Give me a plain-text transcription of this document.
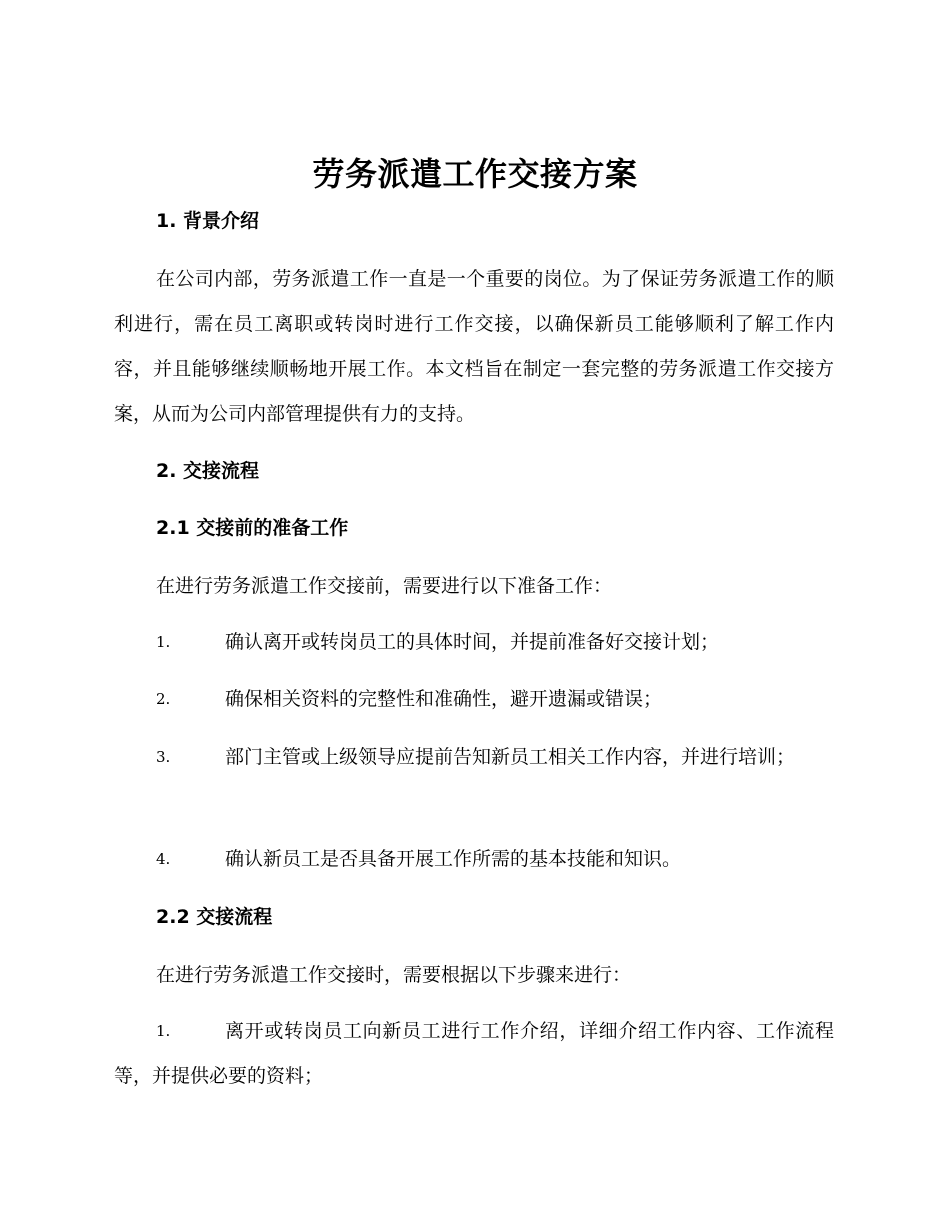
劳务派遣工作交接方案
1. 背景介绍

在公司内部，劳务派遣工作一直是一个重要的岗位。为了保证劳务派遣工作的顺利进行，需在员工离职或转岗时进行工作交接，以确保新员工能够顺利了解工作内容，并且能够继续顺畅地开展工作。本文档旨在制定一套完整的劳务派遣工作交接方案，从而为公司内部管理提供有力的支持。

2. 交接流程
2.1 交接前的准备工作
在进行劳务派遣工作交接前，需要进行以下准备工作：
1.	确认离开或转岗员工的具体时间，并提前准备好交接计划；

2.	确保相关资料的完整性和准确性，避开遗漏或错误；

3.	部门主管或上级领导应提前告知新员工相关工作内容，并进行培训；

4.	确认新员工是否具备开展工作所需的基本技能和知识。

2.2 交接流程
在进行劳务派遣工作交接时，需要根据以下步骤来进行：
1.	离开或转岗员工向新员工进行工作介绍，详细介绍工作内容、工作流程等，并提供必要的资料；
